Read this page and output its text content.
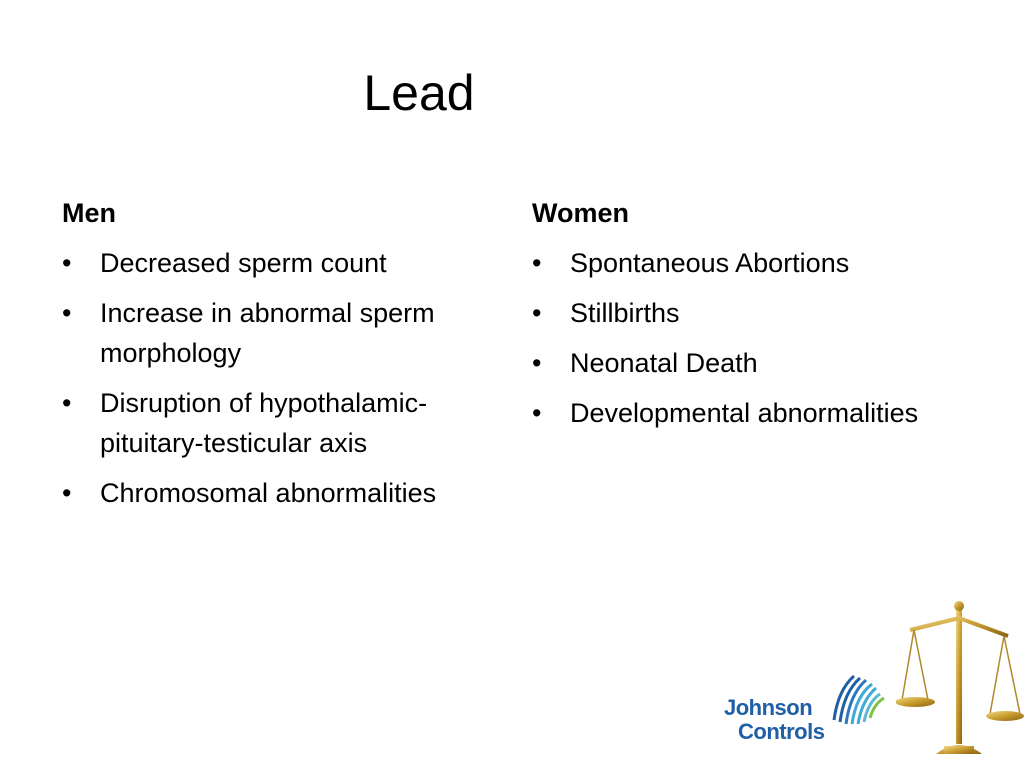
Lead
Men
•	Decreased sperm count
•	Increase in abnormal sperm morphology
•	Disruption of hypothalamic-pituitary-testicular axis
•	Chromosomal abnormalities
Women
•	Spontaneous Abortions
•	Stillbirths
•	Neonatal Death
•	Developmental abnormalities
Johnson
Controls
